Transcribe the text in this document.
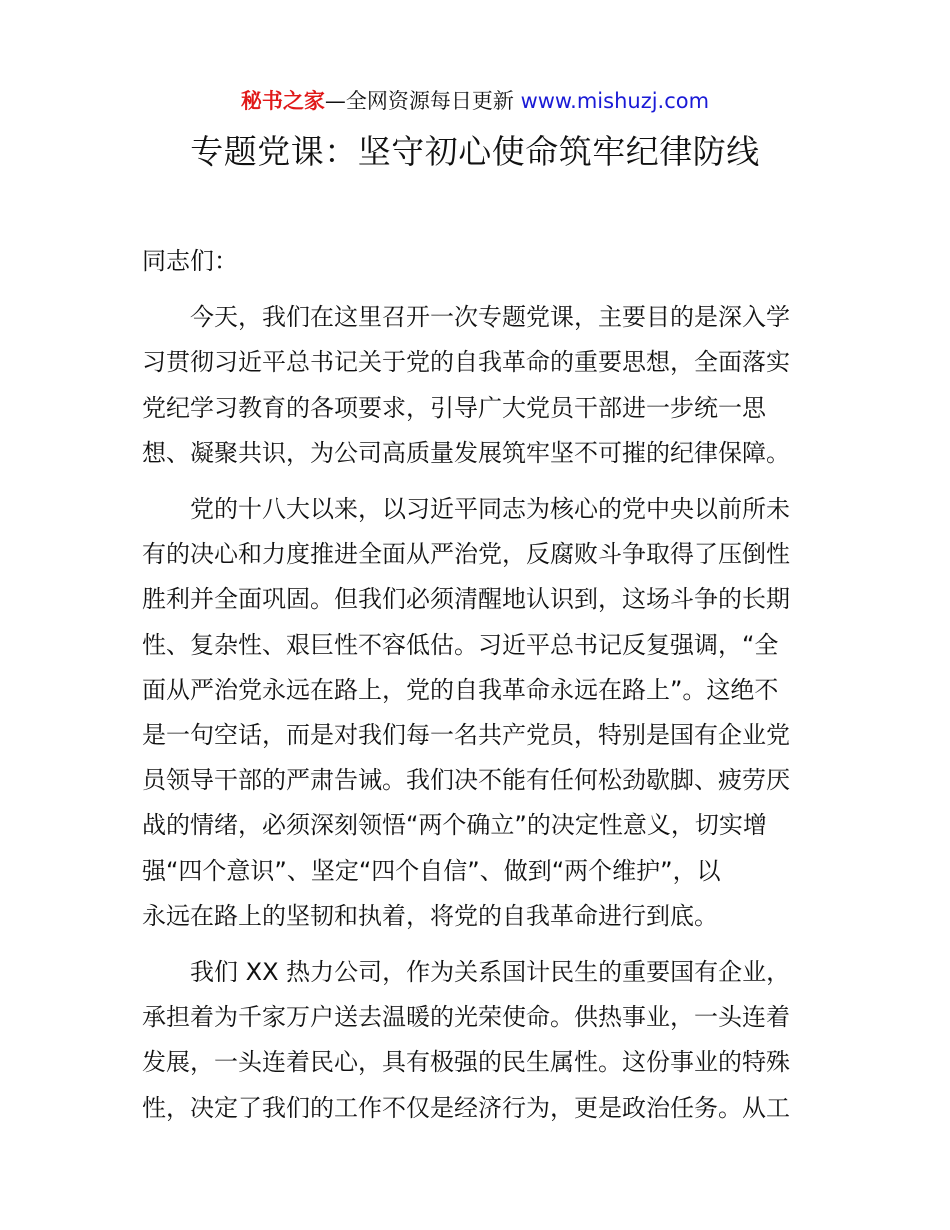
秘书之家—全网资源每日更新 www.mishuzj.com
专题党课：坚守初心使命筑牢纪律防线

同志们：

　　今天，我们在这里召开一次专题党课，主要目的是深入学

习贯彻习近平总书记关于党的自我革命的重要思想，全面落实

党纪学习教育的各项要求，引导广大党员干部进一步统一思

想、凝聚共识，为公司高质量发展筑牢坚不可摧的纪律保障。

　　党的十八大以来，以习近平同志为核心的党中央以前所未

有的决心和力度推进全面从严治党，反腐败斗争取得了压倒性

胜利并全面巩固。但我们必须清醒地认识到，这场斗争的长期

性、复杂性、艰巨性不容低估。习近平总书记反复强调，“全

面从严治党永远在路上，党的自我革命永远在路上”。这绝不

是一句空话，而是对我们每一名共产党员，特别是国有企业党

员领导干部的严肃告诫。我们决不能有任何松劲歇脚、疲劳厌

战的情绪，必须深刻领悟“两个确立”的决定性意义，切实增

强“四个意识”、坚定“四个自信”、做到“两个维护”，以

永远在路上的坚韧和执着，将党的自我革命进行到底。

　　我们 XX 热力公司，作为关系国计民生的重要国有企业，

承担着为千家万户送去温暖的光荣使命。供热事业，一头连着

发展，一头连着民心，具有极强的民生属性。这份事业的特殊

性，决定了我们的工作不仅是经济行为，更是政治任务。从工
